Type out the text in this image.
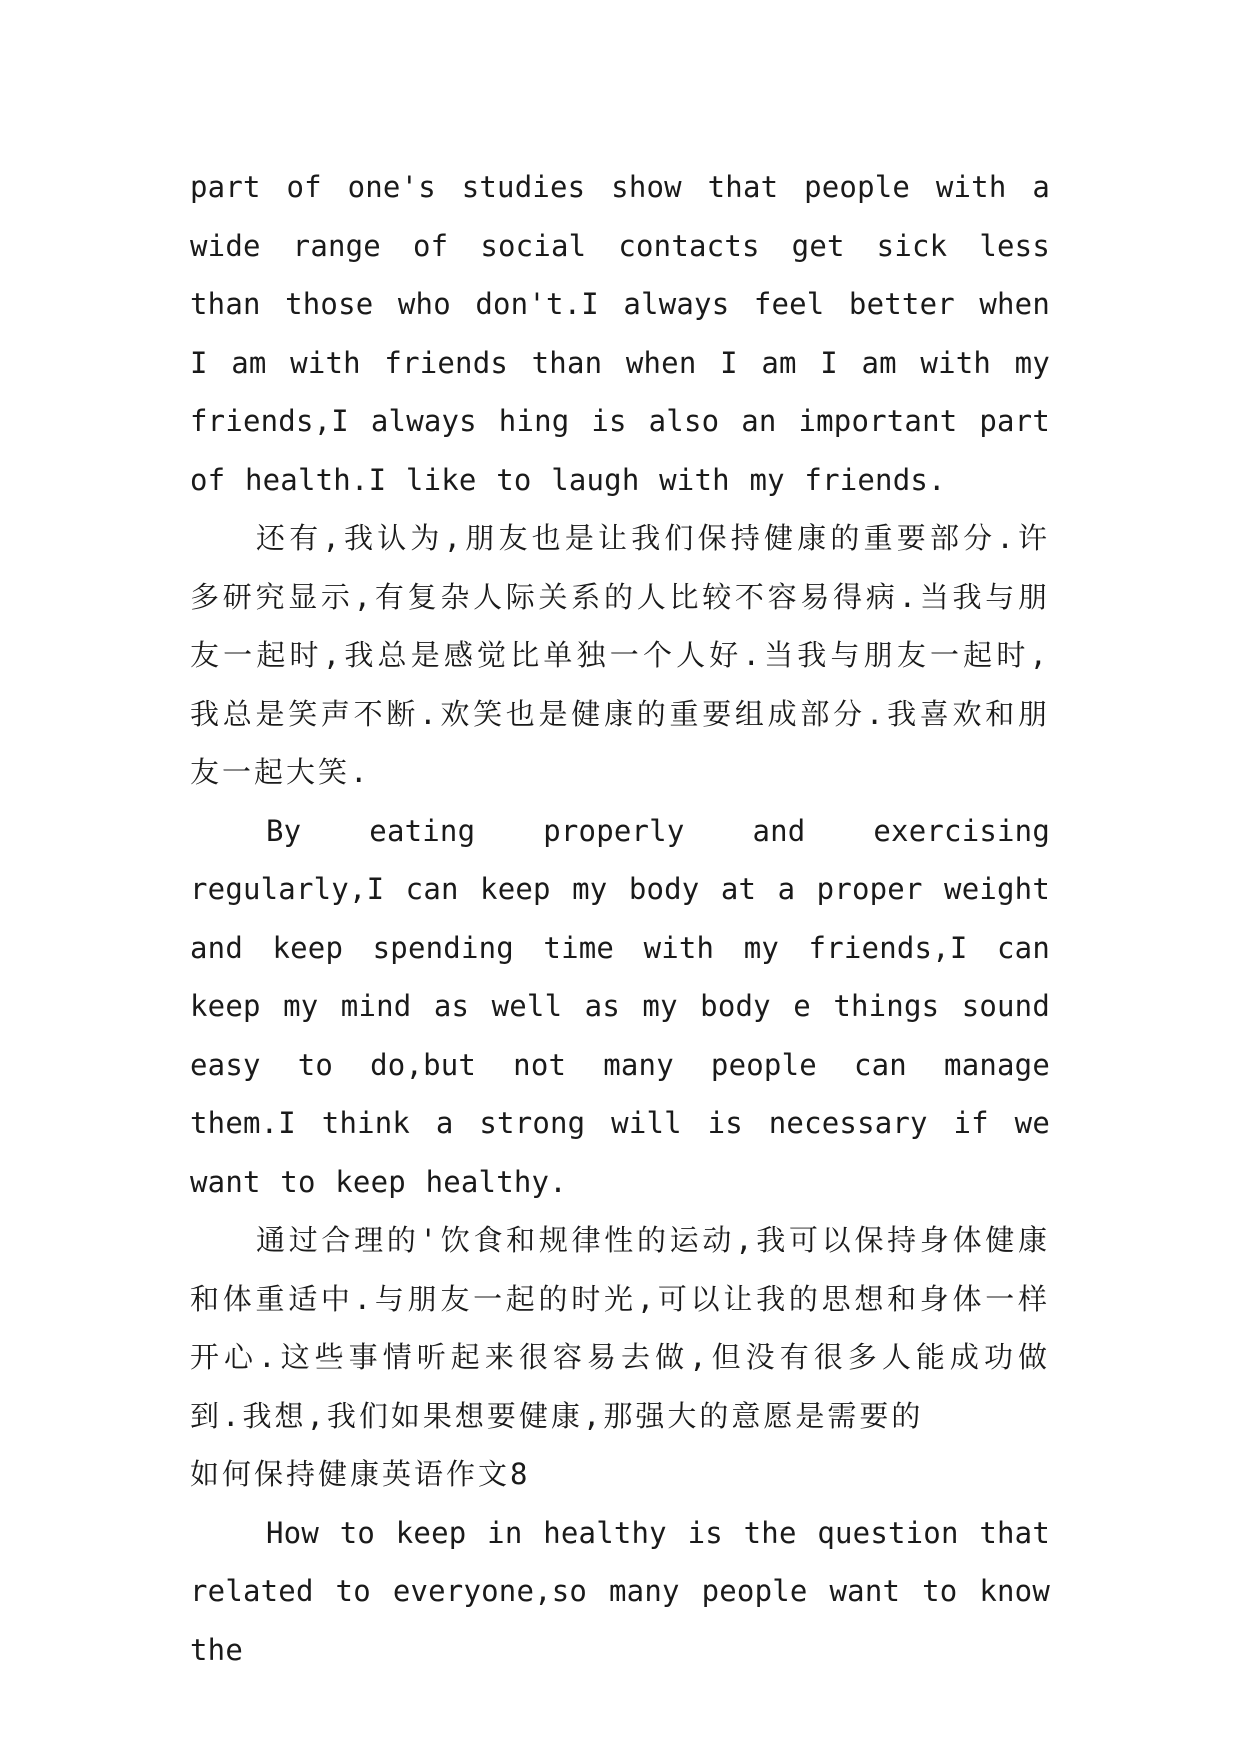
part of one's studies show that people with a wide range of social contacts get sick less than those who don't.I always feel better when I am with friends than when I am I am with my friends,I always hing is also an important part of health.I like to laugh with my friends.

还有,我认为,朋友也是让我们保持健康的重要部分.许多研究显示,有复杂人际关系的人比较不容易得病.当我与朋友一起时,我总是感觉比单独一个人好.当我与朋友一起时,我总是笑声不断.欢笑也是健康的重要组成部分.我喜欢和朋友一起大笑.

By eating properly and exercising regularly,I can keep my body at a proper weight and keep spending time with my friends,I can keep my mind as well as my body e things sound easy to do,but not many people can manage them.I think a strong will is necessary if we want to keep healthy.

通过合理的'饮食和规律性的运动,我可以保持身体健康和体重适中.与朋友一起的时光,可以让我的思想和身体一样开心.这些事情听起来很容易去做,但没有很多人能成功做到.我想,我们如果想要健康,那强大的意愿是需要的

如何保持健康英语作文8

How to keep in healthy is the question that related to everyone,so many people want to know the
